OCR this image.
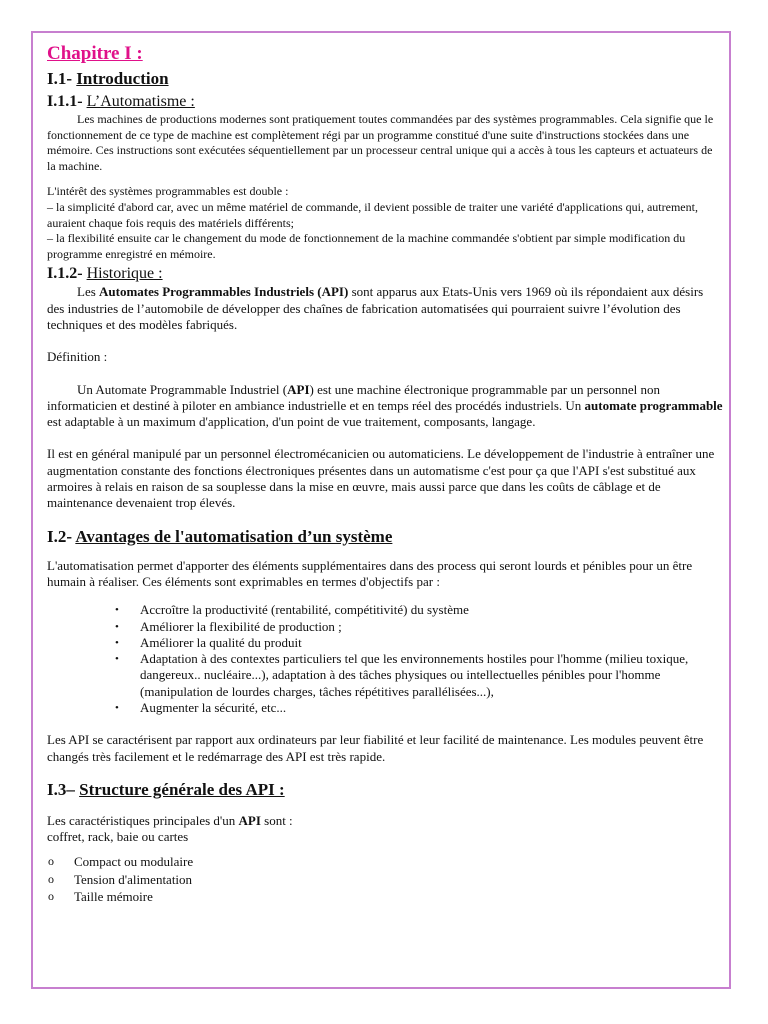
Chapitre I :
I.1- Introduction
I.1.1- L’Automatisme :

Les machines de productions modernes sont pratiquement toutes commandées par des systèmes programmables. Cela signifie que le fonctionnement de ce type de machine est complètement régi par un programme constitué d'une suite d'instructions stockées dans une mémoire. Ces instructions sont exécutées séquentiellement par un processeur central unique qui a accès à tous les capteurs et actuateurs de la machine.

L'intérêt des systèmes programmables est double :

– la simplicité d'abord car, avec un même matériel de commande, il devient possible de traiter une variété d'applications qui, autrement, auraient chaque fois requis des matériels différents;

– la flexibilité ensuite car le changement du mode de fonctionnement de la machine commandée s'obtient par simple modification du programme enregistré en mémoire.

I.1.2- Historique :

Les Automates Programmables Industriels (API) sont apparus aux Etats-Unis vers 1969 où ils répondaient aux désirs des industries de l’automobile de développer des chaînes de fabrication automatisées qui pourraient suivre l’évolution des techniques et des modèles fabriqués.

Définition :

Un Automate Programmable Industriel (API) est une machine électronique programmable par un personnel non informaticien et destiné à piloter en ambiance industrielle et en temps réel des procédés industriels. Un automate programmable est adaptable à un maximum d'application, d'un point de vue traitement, composants, langage.

Il est en général manipulé par un personnel électromécanicien ou automaticiens. Le développement de l'industrie à entraîner une augmentation constante des fonctions électroniques présentes dans un automatisme c'est pour ça que l'API s'est substitué aux armoires à relais en raison de sa souplesse dans la mise en œuvre, mais aussi parce que dans les coûts de câblage et de maintenance devenaient trop élevés.

I.2- Avantages de l'automatisation d’un système

L'automatisation permet d'apporter des éléments supplémentaires dans des process qui seront lourds et pénibles pour un être humain à réaliser. Ces éléments sont exprimables en termes d'objectifs par :

• Accroître la productivité (rentabilité, compétitivité) du système
• Améliorer la flexibilité de production ;
• Améliorer la qualité du produit
• Adaptation à des contextes particuliers tel que les environnements hostiles pour l'homme (milieu toxique, dangereux.. nucléaire...), adaptation à des tâches physiques ou intellectuelles pénibles pour l'homme (manipulation de lourdes charges, tâches répétitives parallélisées...),
• Augmenter la sécurité, etc...

Les API se caractérisent par rapport aux ordinateurs par leur fiabilité et leur facilité de maintenance. Les modules peuvent être changés très facilement et le redémarrage des API est très rapide.

I.3– Structure générale des API :

Les caractéristiques principales d'un API sont :

coffret, rack, baie ou cartes

o Compact ou modulaire
o Tension d'alimentation
o Taille mémoire
